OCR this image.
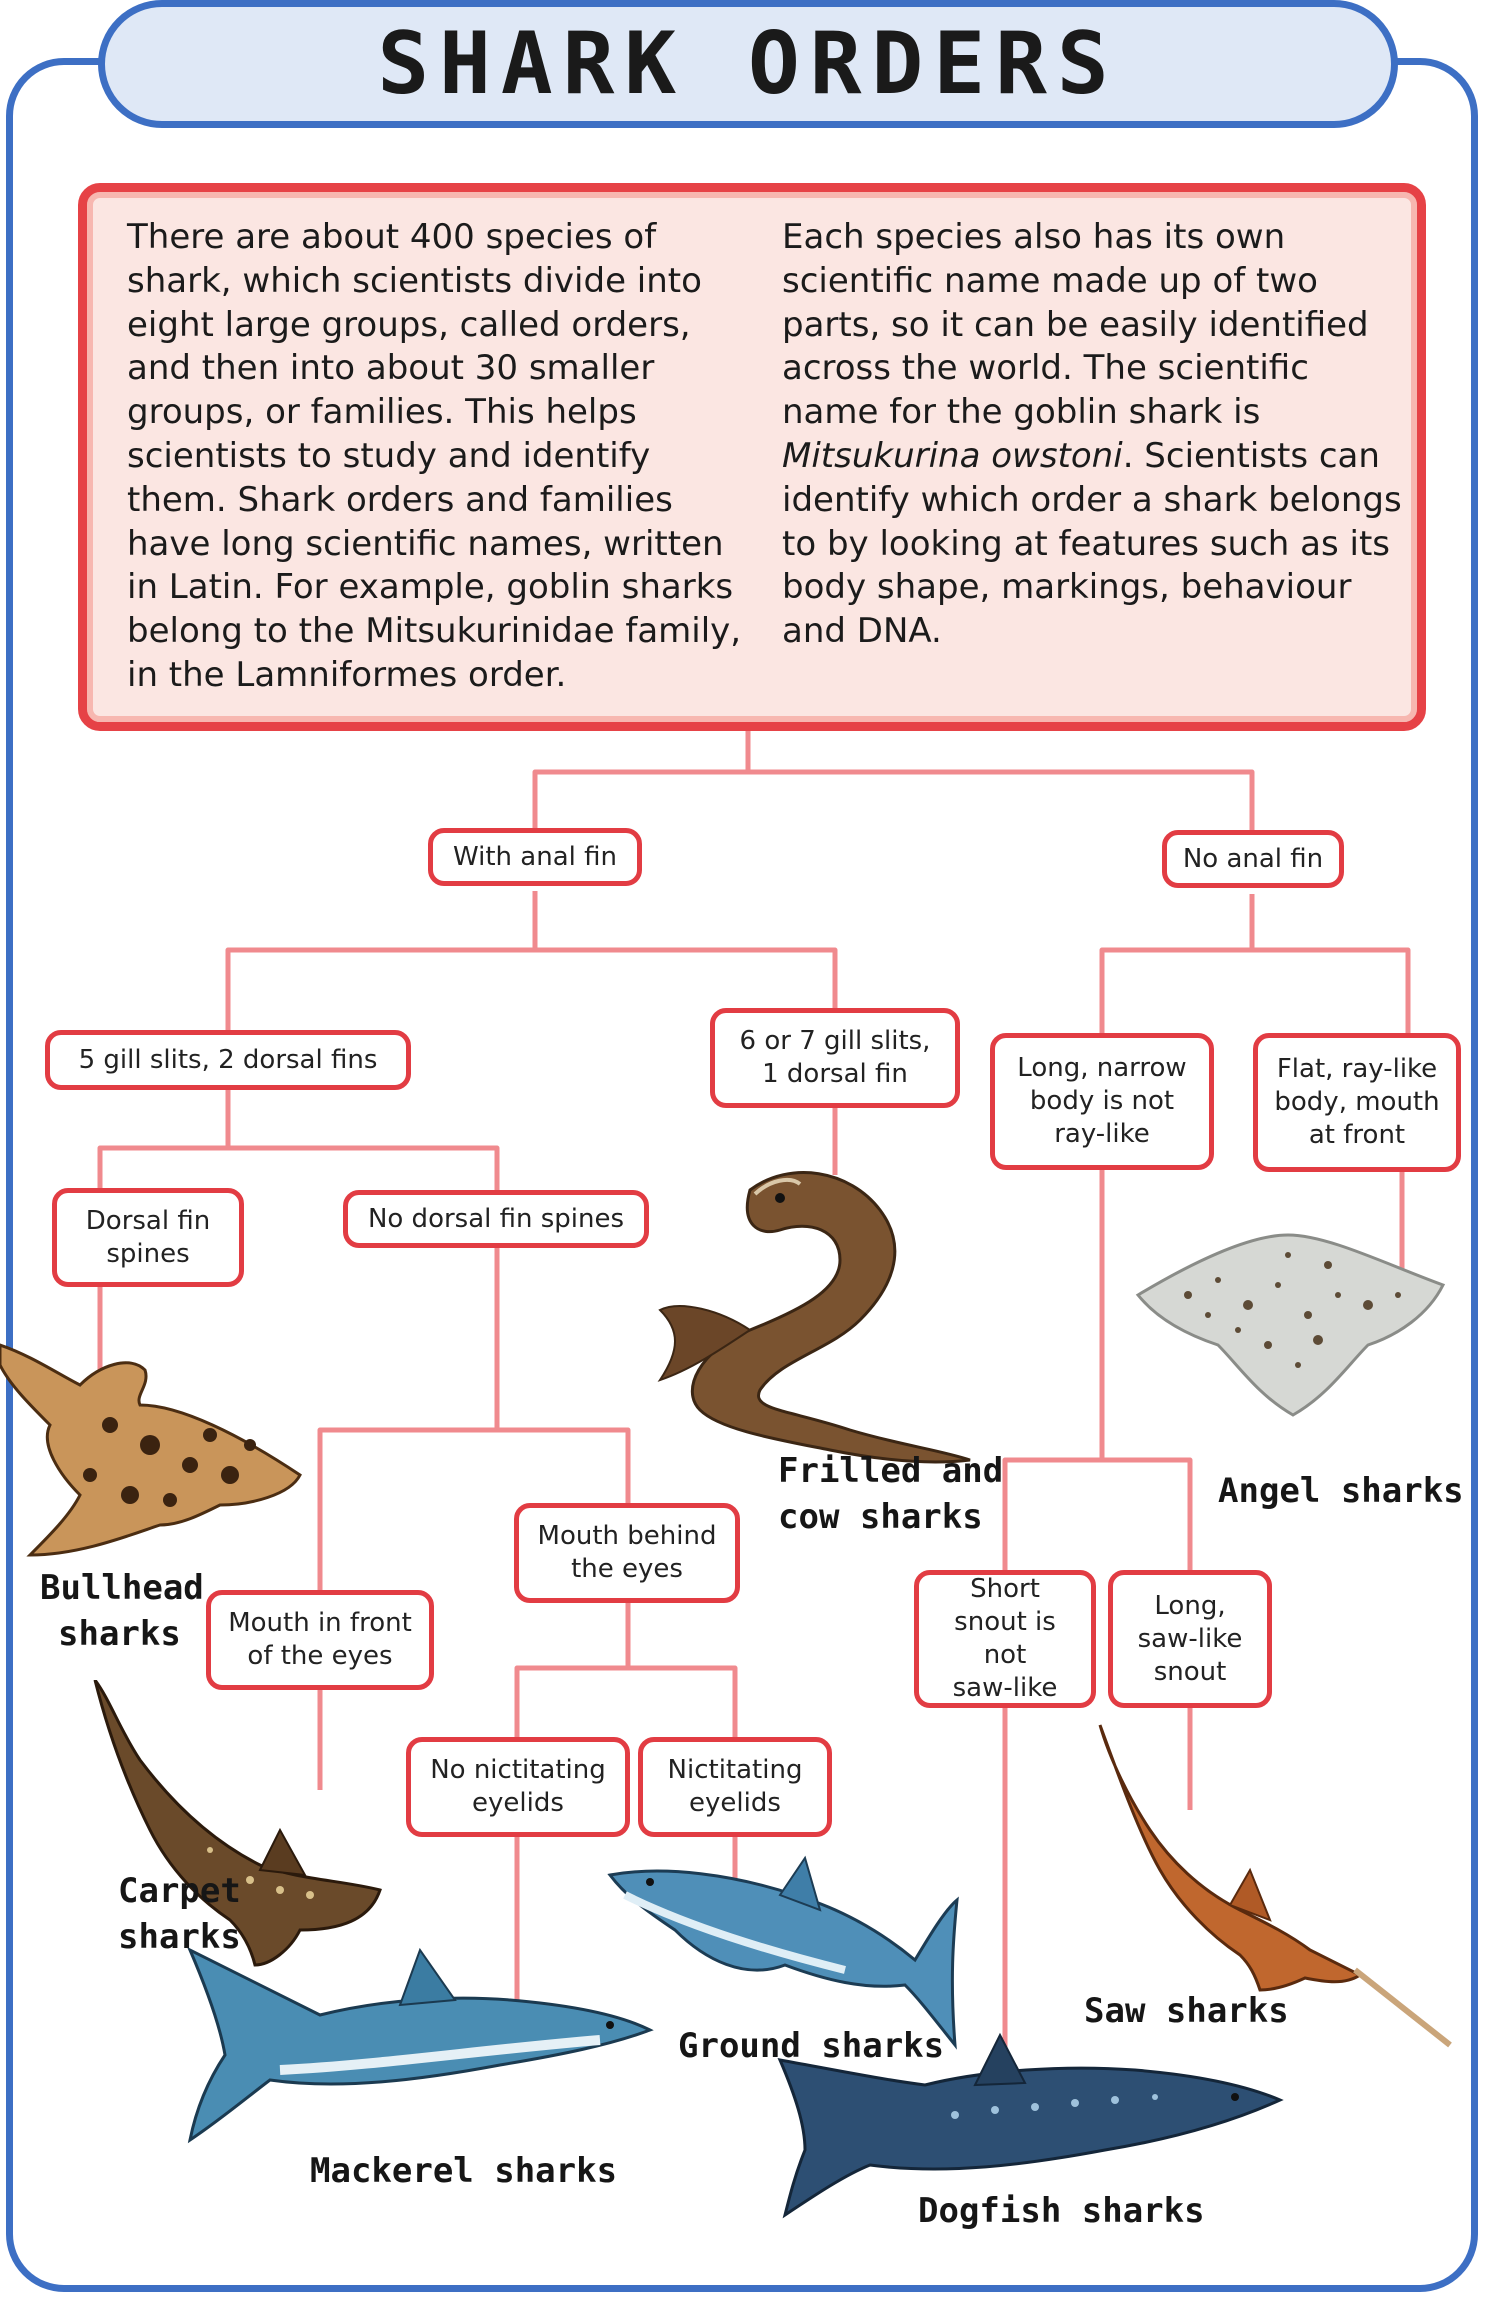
SHARK ORDERS
There are about 400 species of shark, which scientists divide into eight large groups, called orders, and then into about 30 smaller groups, or families. This helps scientists to study and identify them. Shark orders and families have long scientific names, written in Latin. For example, goblin sharks belong to the Mitsukurinidae family, in the Lamniformes order.
Each species also has its own scientific name made up of two parts, so it can be easily identified across the world. The scientific name for the goblin shark is Mitsukurina owstoni. Scientists can identify which order a shark belongs to by looking at features such as its body shape, markings, behaviour and DNA.
With anal fin	No anal fin
5 gill slits, 2 dorsal fins
6 or 7 gill slits,
1 dorsal fin	Long, narrow
body is not
ray-like
Flat, ray-like
body, mouth
at front
Dorsal fin
spines
No dorsal fin spines
Mouth behind
the eyes
Mouth in front
of the eyes
Short
snout is not
saw-like
Long,
saw-like
snout
No nictitating
eyelids
Nictitating
eyelids
Frilled and
cow sharks
Angel sharks
Bullhead
sharks
Carpet
sharks
Saw sharks
Ground sharks
Mackerel sharks
Dogfish sharks
